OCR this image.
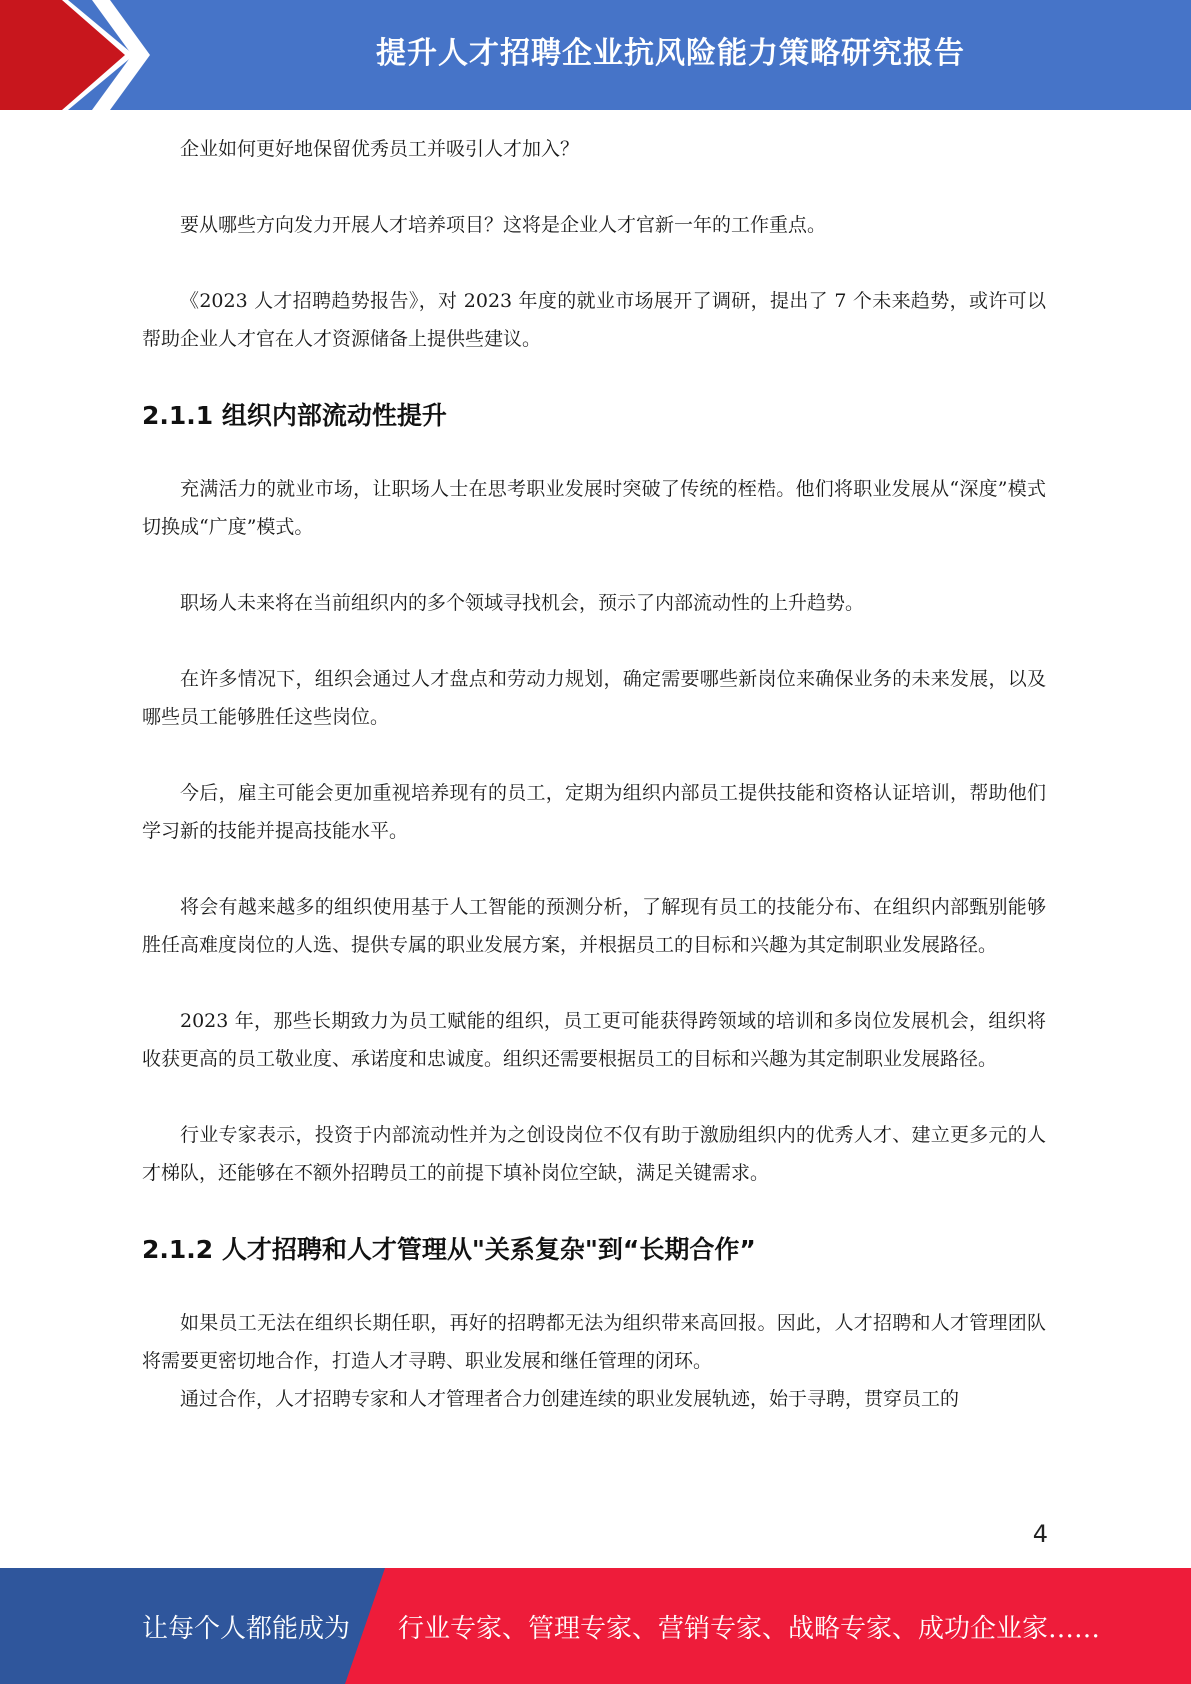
提升人才招聘企业抗风险能力策略研究报告

企业如何更好地保留优秀员工并吸引人才加入？

要从哪些方向发力开展人才培养项目？这将是企业人才官新一年的工作重点。

《2023 人才招聘趋势报告》，对 2023 年度的就业市场展开了调研，提出了 7 个未来趋势，或许可以帮助企业人才官在人才资源储备上提供些建议。

2.1.1 组织内部流动性提升

充满活力的就业市场，让职场人士在思考职业发展时突破了传统的桎梏。他们将职业发展从“深度”模式切换成“广度”模式。

职场人未来将在当前组织内的多个领域寻找机会，预示了内部流动性的上升趋势。

在许多情况下，组织会通过人才盘点和劳动力规划，确定需要哪些新岗位来确保业务的未来发展，以及哪些员工能够胜任这些岗位。

今后，雇主可能会更加重视培养现有的员工，定期为组织内部员工提供技能和资格认证培训，帮助他们学习新的技能并提高技能水平。

将会有越来越多的组织使用基于人工智能的预测分析，了解现有员工的技能分布、在组织内部甄别能够胜任高难度岗位的人选、提供专属的职业发展方案，并根据员工的目标和兴趣为其定制职业发展路径。

2023 年，那些长期致力为员工赋能的组织，员工更可能获得跨领域的培训和多岗位发展机会，组织将收获更高的员工敬业度、承诺度和忠诚度。组织还需要根据员工的目标和兴趣为其定制职业发展路径。

行业专家表示，投资于内部流动性并为之创设岗位不仅有助于激励组织内的优秀人才、建立更多元的人才梯队，还能够在不额外招聘员工的前提下填补岗位空缺，满足关键需求。

2.1.2 人才招聘和人才管理从"关系复杂"到“长期合作”

如果员工无法在组织长期任职，再好的招聘都无法为组织带来高回报。因此，人才招聘和人才管理团队将需要更密切地合作，打造人才寻聘、职业发展和继任管理的闭环。

通过合作，人才招聘专家和人才管理者合力创建连续的职业发展轨迹，始于寻聘，贯穿员工的

4
让每个人都能成为 行业专家、管理专家、营销专家、战略专家、成功企业家……
